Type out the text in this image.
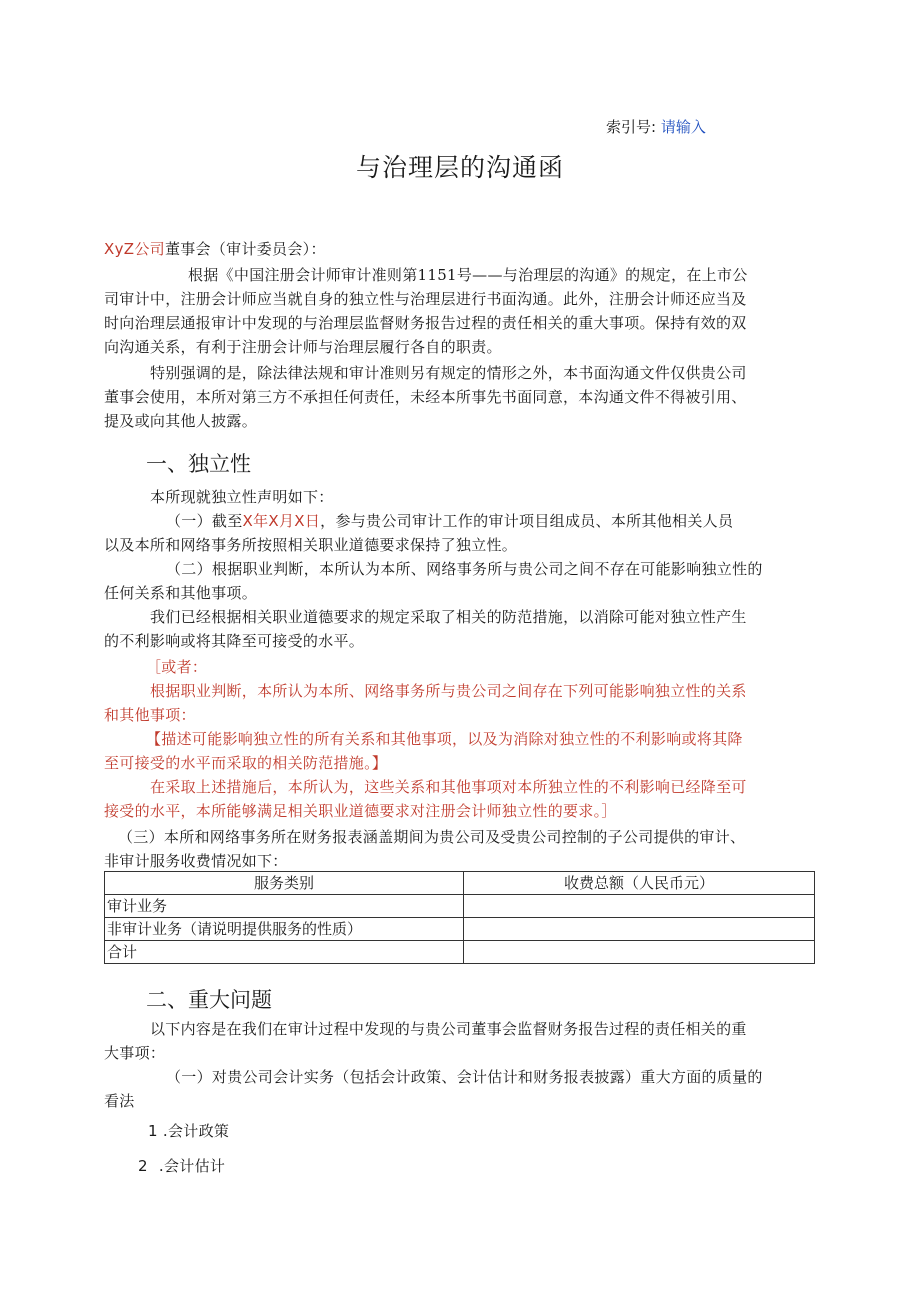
索引号: 请输入
与治理层的沟通函
XyZ公司董事会（审计委员会）：
根据《中国注册会计师审计准则第1151号——与治理层的沟通》的规定，在上市公
司审计中，注册会计师应当就自身的独立性与治理层进行书面沟通。此外，注册会计师还应当及
时向治理层通报审计中发现的与治理层监督财务报告过程的责任相关的重大事项。保持有效的双
向沟通关系，有利于注册会计师与治理层履行各自的职责。
特别强调的是，除法律法规和审计准则另有规定的情形之外，本书面沟通文件仅供贵公司
董事会使用，本所对第三方不承担任何责任，未经本所事先书面同意，本沟通文件不得被引用、
提及或向其他人披露。
一、独立性
本所现就独立性声明如下：
（一）截至X年X月X日，参与贵公司审计工作的审计项目组成员、本所其他相关人员
以及本所和网络事务所按照相关职业道德要求保持了独立性。
（二）根据职业判断，本所认为本所、网络事务所与贵公司之间不存在可能影响独立性的
任何关系和其他事项。
我们已经根据相关职业道德要求的规定采取了相关的防范措施，以消除可能对独立性产生
的不利影响或将其降至可接受的水平。
［或者：
根据职业判断，本所认为本所、网络事务所与贵公司之间存在下列可能影响独立性的关系
和其他事项：
【描述可能影响独立性的所有关系和其他事项，以及为消除对独立性的不利影响或将其降
至可接受的水平而采取的相关防范措施。】
在采取上述措施后，本所认为，这些关系和其他事项对本所独立性的不利影响已经降至可
接受的水平，本所能够满足相关职业道德要求对注册会计师独立性的要求。］
（三）本所和网络事务所在财务报表涵盖期间为贵公司及受贵公司控制的子公司提供的审计、
非审计服务收费情况如下：
服务类别	收费总额（人民币元）
审计业务	
非审计业务（请说明提供服务的性质）	
合计	
二、重大问题
以下内容是在我们在审计过程中发现的与贵公司董事会监督财务报告过程的责任相关的重
大事项：
（一）对贵公司会计实务（包括会计政策、会计估计和财务报表披露）重大方面的质量的
看法
1 .会计政策
2 .会计估计
